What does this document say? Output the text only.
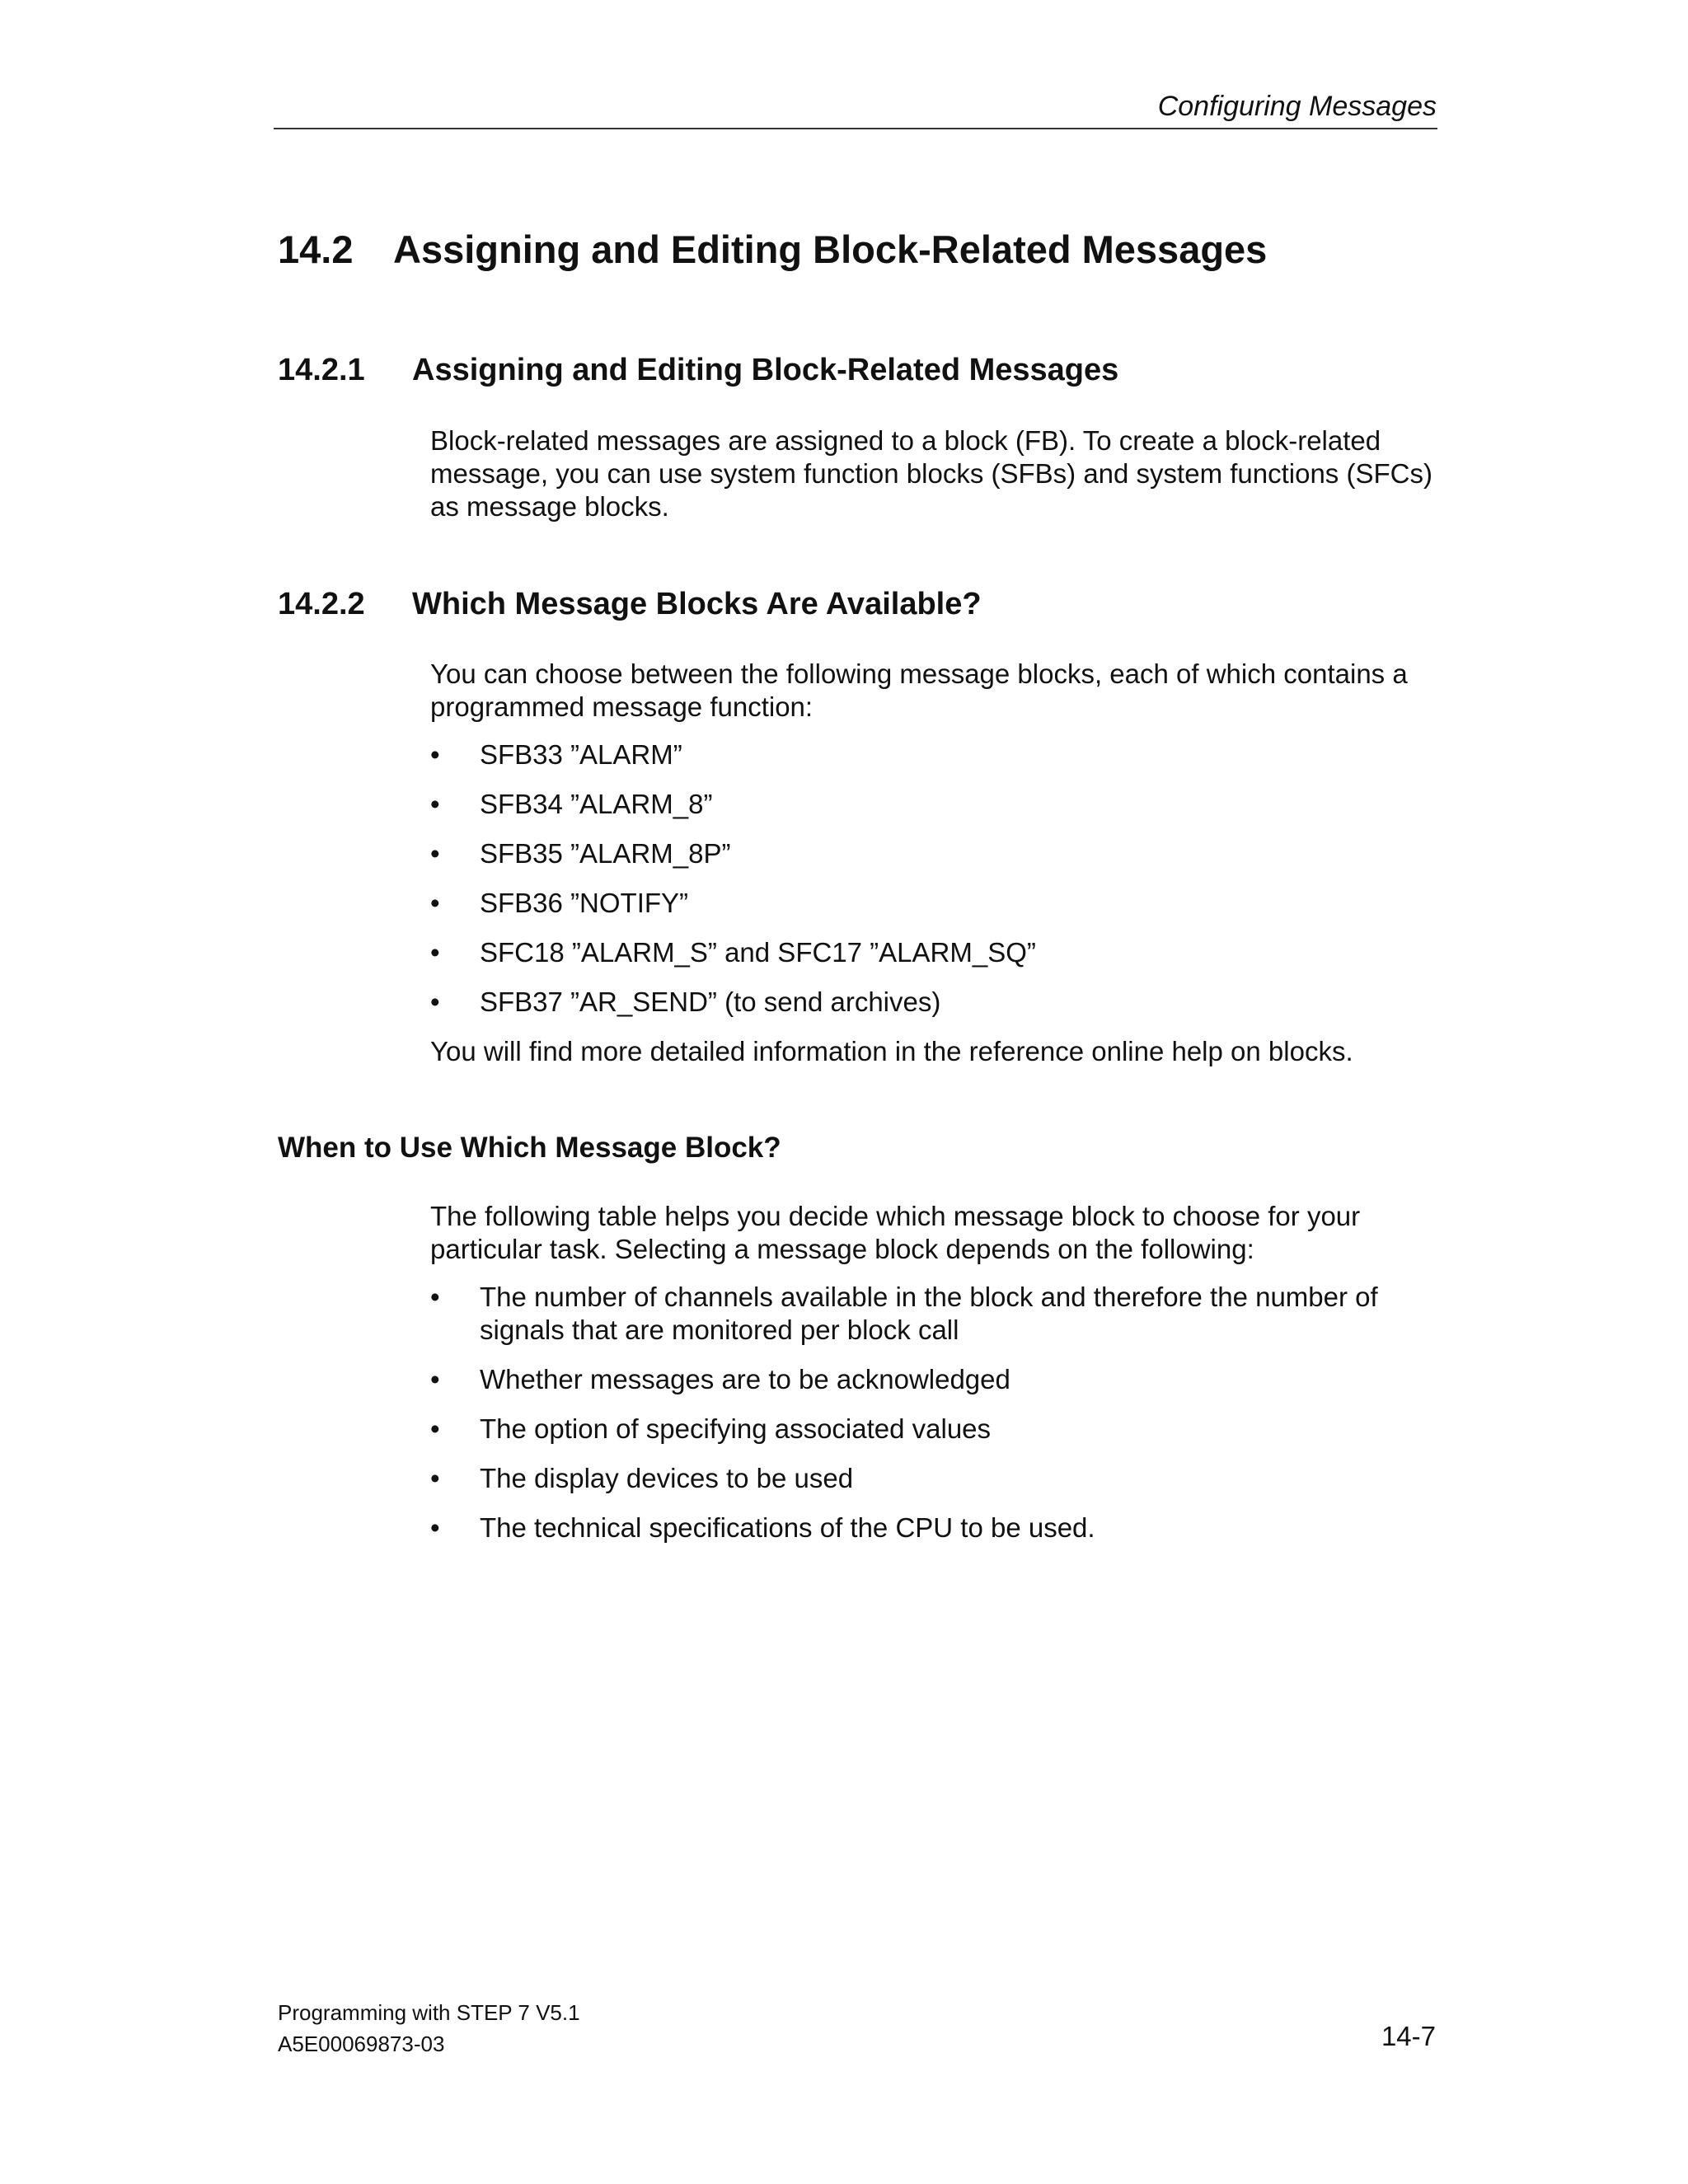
Configuring Messages
14.2 Assigning and Editing Block-Related Messages
14.2.1 Assigning and Editing Block-Related Messages

Block-related messages are assigned to a block (FB). To create a block-related message, you can use system function blocks (SFBs) and system functions (SFCs) as message blocks.

14.2.2 Which Message Blocks Are Available?

You can choose between the following message blocks, each of which contains a programmed message function:

•	SFB33 ”ALARM”
•	SFB34 ”ALARM_8”
•	SFB35 ”ALARM_8P”
•	SFB36 ”NOTIFY”
•	SFC18 ”ALARM_S” and SFC17 ”ALARM_SQ”
•	SFB37 ”AR_SEND” (to send archives)

You will find more detailed information in the reference online help on blocks.

When to Use Which Message Block?

The following table helps you decide which message block to choose for your particular task. Selecting a message block depends on the following:

•	The number of channels available in the block and therefore the number of signals that are monitored per block call
•	Whether messages are to be acknowledged
•	The option of specifying associated values
•	The display devices to be used
•	The technical specifications of the CPU to be used.
Programming with STEP 7 V5.1
A5E00069873-03	14-7
